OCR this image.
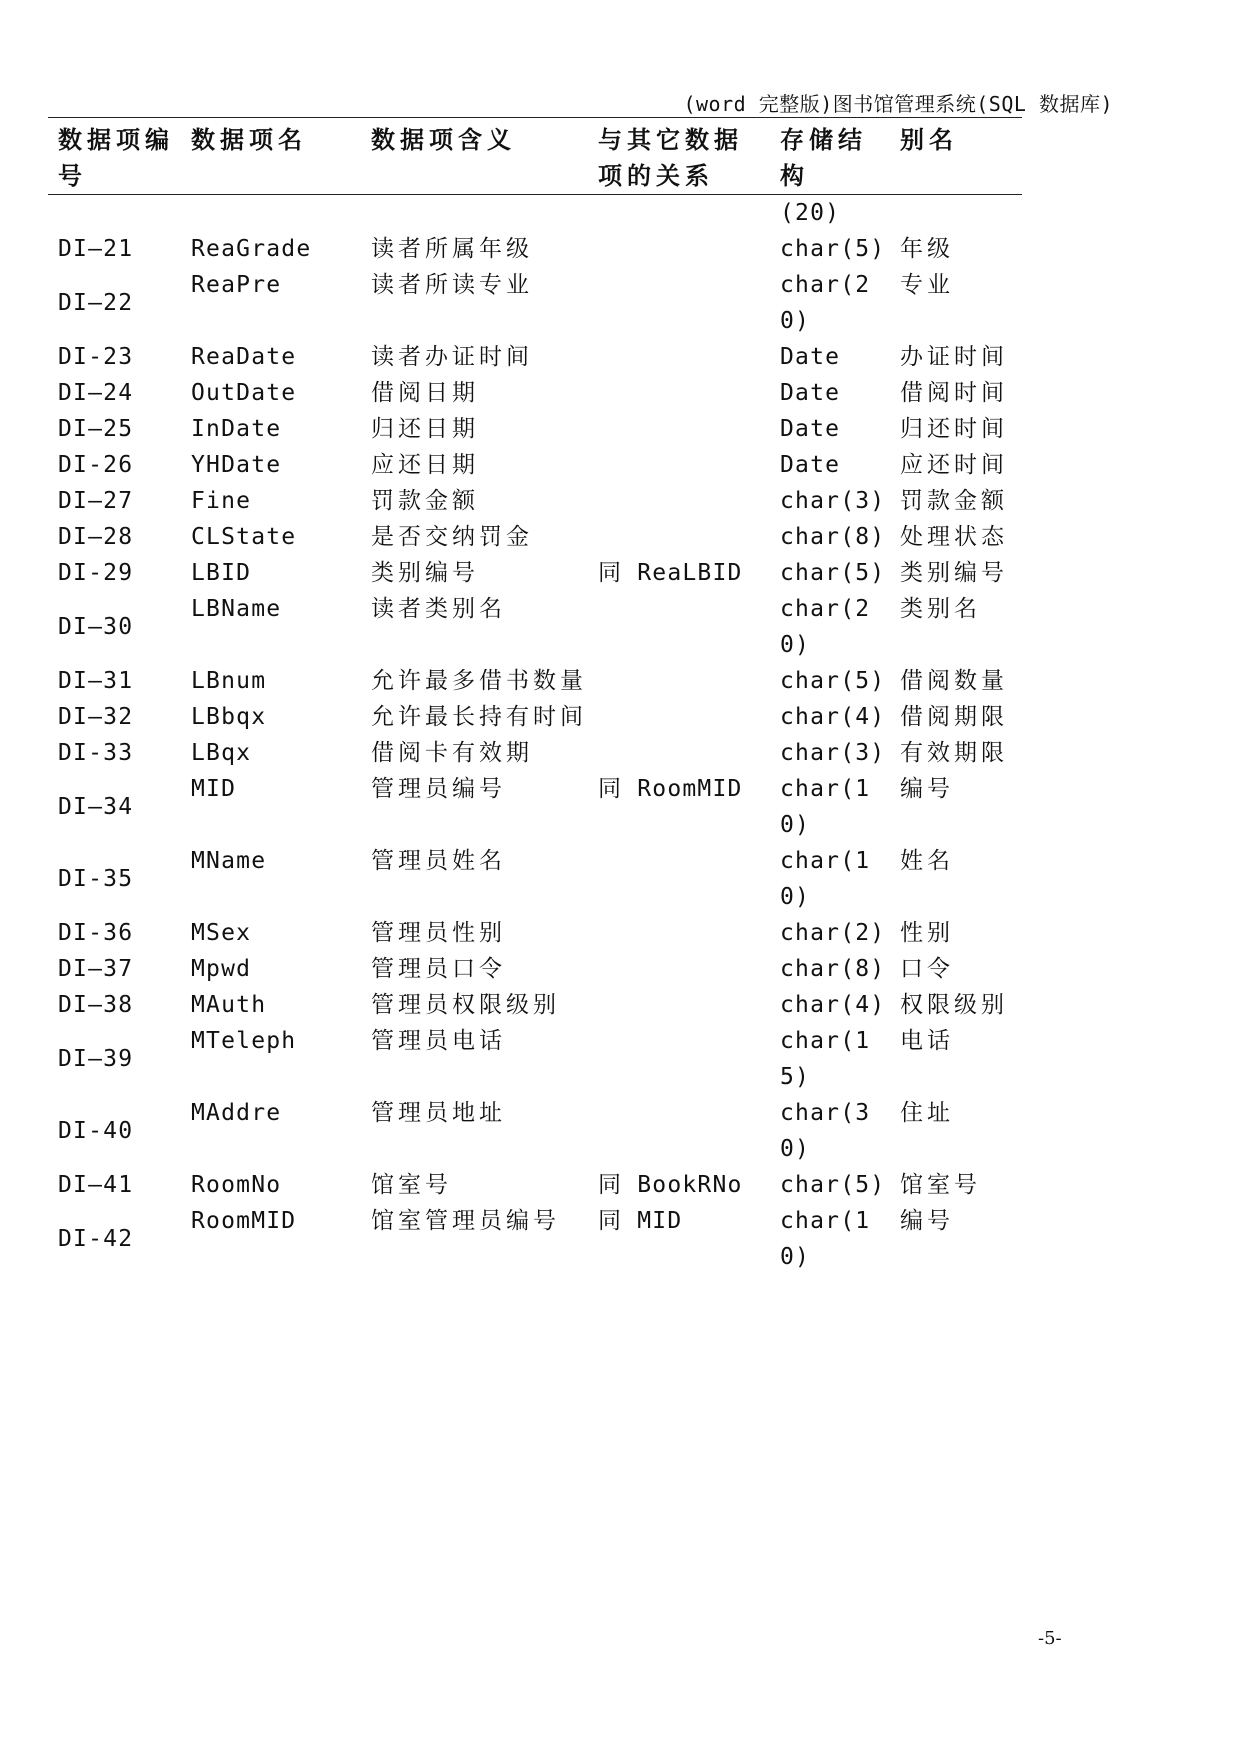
(word 完整版)图书馆管理系统(SQL 数据库)
数据项编号	数据项名	数据项含义	与其它数据项的关系	存储结构	别名
				(20)	
DI—21	ReaGrade	读者所属年级		char(5)	年级
DI—22	ReaPre	读者所读专业		char(20)	专业
DI-23	ReaDate	读者办证时间		Date	办证时间
DI—24	OutDate	借阅日期		Date	借阅时间
DI—25	InDate	归还日期		Date	归还时间
DI-26	YHDate	应还日期		Date	应还时间
DI—27	Fine	罚款金额		char(3)	罚款金额
DI—28	CLState	是否交纳罚金		char(8)	处理状态
DI-29	LBID	类别编号	同 ReaLBID	char(5)	类别编号
DI—30	LBName	读者类别名		char(20)	类别名
DI—31	LBnum	允许最多借书数量		char(5)	借阅数量
DI—32	LBbqx	允许最长持有时间		char(4)	借阅期限
DI-33	LBqx	借阅卡有效期		char(3)	有效期限
DI—34	MID	管理员编号	同 RoomMID	char(10)	编号
DI-35	MName	管理员姓名		char(10)	姓名
DI-36	MSex	管理员性别		char(2)	性别
DI—37	Mpwd	管理员口令		char(8)	口令
DI—38	MAuth	管理员权限级别		char(4)	权限级别
DI—39	MTeleph	管理员电话		char(15)	电话
DI-40	MAddre	管理员地址		char(30)	住址
DI—41	RoomNo	馆室号	同 BookRNo	char(5)	馆室号
DI-42	RoomMID	馆室管理员编号	同 MID	char(10)	编号
-5-
